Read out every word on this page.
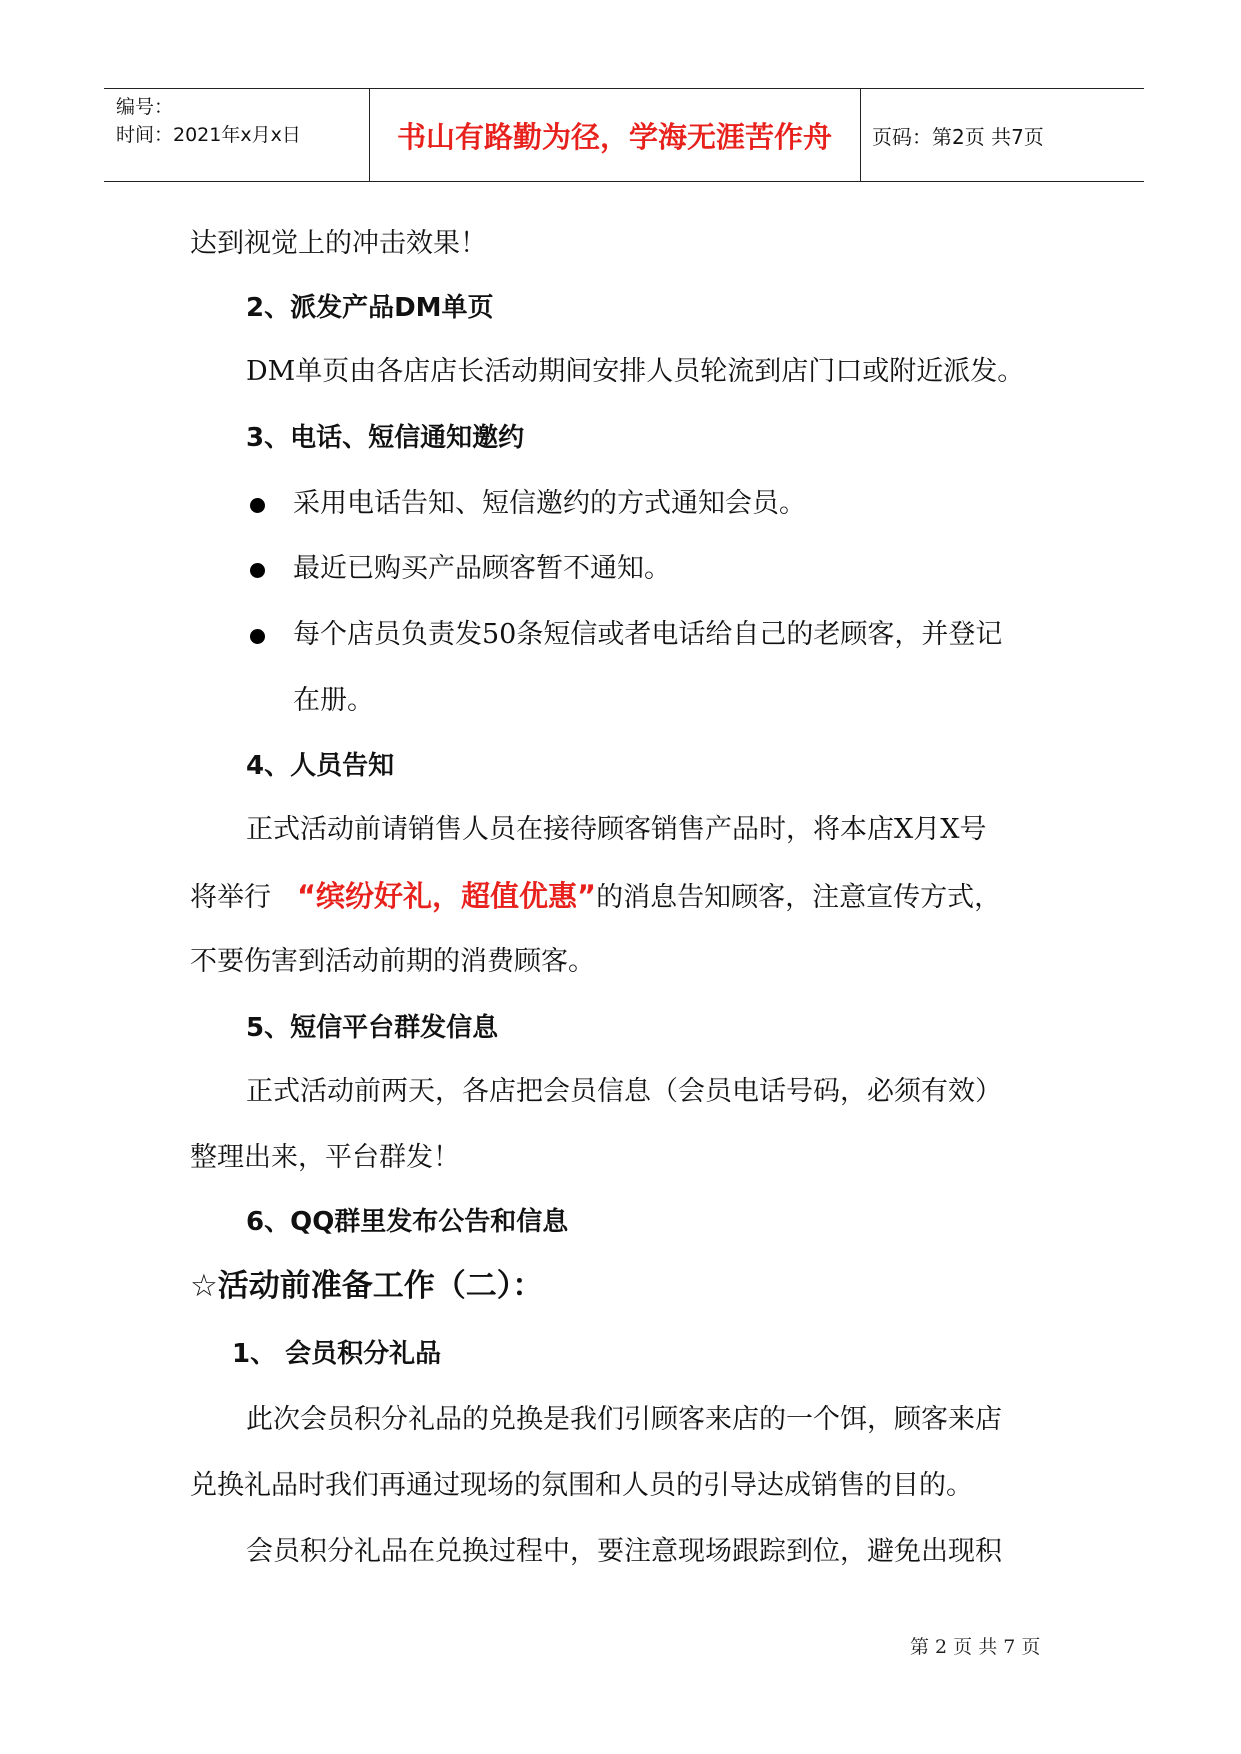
编号：
时间：2021年x月x日	书山有路勤为径，学海无涯苦作舟	页码：第2页 共7页
达到视觉上的冲击效果！
2、派发产品DM单页
DM单页由各店店长活动期间安排人员轮流到店门口或附近派发。
3、电话、短信通知邀约
采用电话告知、短信邀约的方式通知会员。
最近已购买产品顾客暂不通知。
每个店员负责发50条短信或者电话给自己的老顾客，并登记
在册。
4、人员告知
正式活动前请销售人员在接待顾客销售产品时，将本店X月X号
将举行 “缤纷好礼，超值优惠”的消息告知顾客，注意宣传方式，
不要伤害到活动前期的消费顾客。
5、短信平台群发信息
正式活动前两天，各店把会员信息（会员电话号码，必须有效）
整理出来，平台群发！
6、QQ群里发布公告和信息
☆活动前准备工作（二）：
1、 会员积分礼品
此次会员积分礼品的兑换是我们引顾客来店的一个饵，顾客来店
兑换礼品时我们再通过现场的氛围和人员的引导达成销售的目的。
会员积分礼品在兑换过程中，要注意现场跟踪到位，避免出现积
第 2 页 共 7 页
